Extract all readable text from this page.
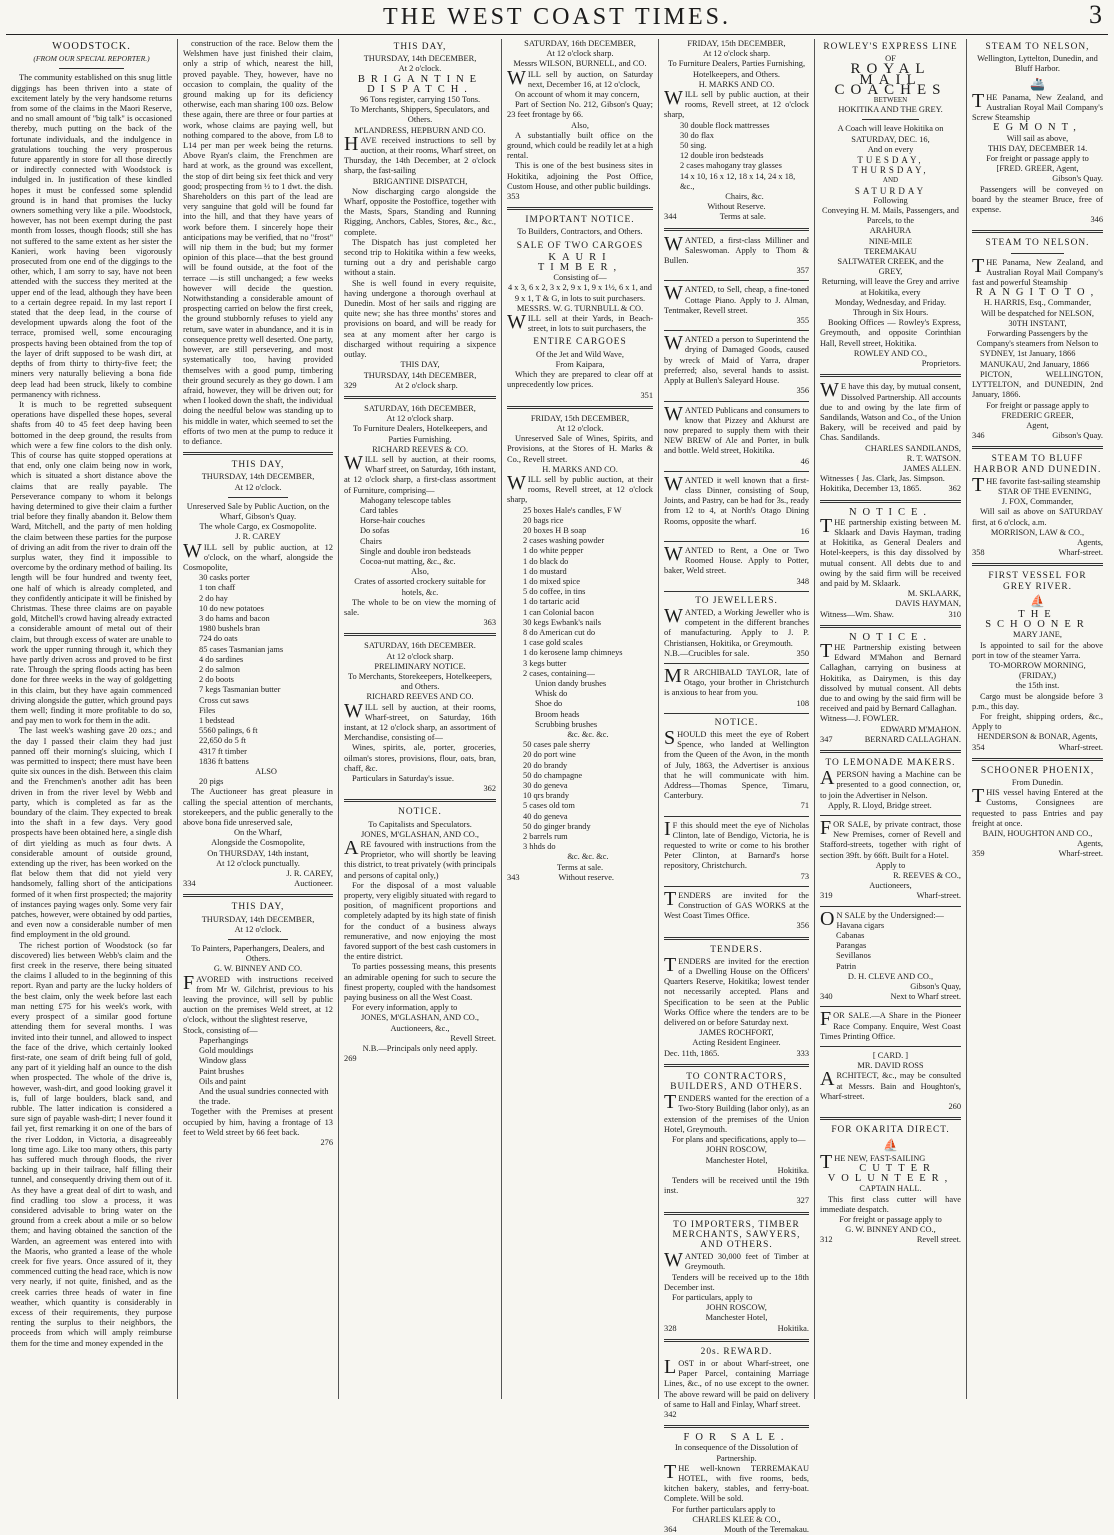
THE WEST COAST TIMES.	3
WOODSTOCK.
(FROM OUR SPECIAL REPORTER.)
The community established on this snug little diggings has been thriven into a state of excitement lately by the very handsome returns from some of the claims in the Maori Reserve, and no small amount of "big talk" is occasioned thereby, much putting on the back of the fortunate individuals, and the indulgence in gratulations touching the very prosperous future apparently in store for all those directly or indirectly connected with Woodstock is indulged in. In justification of these kindled hopes it must be confessed some splendid ground is in hand that promises the lucky owners something very like a pile. Woodstock, however, has not been exempt during the past month from losses, though floods; still she has not suffered to the same extent as her sister the Kanieri, work having been vigorously prosecuted from one end of the diggings to the other, which, I am sorry to say, have not been attended with the success they merited at the upper end of the lead, although they have been to a certain degree repaid. In my last report I stated that the deep lead, in the course of development upwards along the foot of the terrace, promised well, some encouraging prospects having been obtained from the top of the layer of drift supposed to be wash dirt, at depths of from thirty to thirty-five feet; the miners very naturally believing a bona fide deep lead had been struck, likely to combine permanency with richness.
It is much to be regretted subsequent operations have dispelled these hopes, several shafts from 40 to 45 feet deep having been bottomed in the deep ground, the results from which were a few fine colors to the dish only. This of course has quite stopped operations at that end, only one claim being now in work, which is situated a short distance above the claims that are really payable. The Perseverance company to whom it belongs having determined to give their claim a further trial before they finally abandon it. Below them Ward, Mitchell, and the party of men holding the claim between these parties for the purpose of driving an adit from the river to drain off the surplus water, they find it impossible to overcome by the ordinary method of bailing. Its length will be four hundred and twenty feet, one half of which is already completed, and they confidently anticipate it will be finished by Christmas. These three claims are on payable gold, Mitchell's crowd having already extracted a considerable amount of metal out of their claim, but through excess of water are unable to work the upper running through it, which they have partly driven across and proved to be first rate. Through the spring floods acting has been done for three weeks in the way of goldgetting in this claim, but they have again commenced driving alongside the gutter, which ground pays them well; finding it more profitable to do so, and pay men to work for them in the adit.
The last week's washing gave 20 ozs.; and the day I passed their claim they had just panned off their morning's sluicing, which I was permitted to inspect; there must have been quite six ounces in the dish. Between this claim and the Frenchmen's another adit has been driven in from the river level by Webb and party, which is completed as far as the boundary of the claim. They expected to break into the shaft in a few days. Very good prospects have been obtained here, a single dish of dirt yielding as much as four dwts. A considerable amount of outside ground, extending up the river, has been worked on the flat below them that did not yield very handsomely, falling short of the anticipations formed of it when first prospected; the majority of instances paying wages only. Some very fair patches, however, were obtained by odd parties, and even now a considerable number of men find employment in the old ground.
The richest portion of Woodstock (so far discovered) lies between Webb's claim and the first creek in the reserve, there being situated the claims I alluded to in the beginning of this report. Ryan and party are the lucky holders of the best claim, only the week before last each man netting £75 for his week's work, with every prospect of a similar good fortune attending them for several months. I was invited into their tunnel, and allowed to inspect the face of the drive, which certainly looked first-rate, one seam of drift being full of gold, any part of it yielding half an ounce to the dish when prospected. The whole of the drive is, however, wash-dirt, and good looking gravel it is, full of large boulders, black sand, and rubble. The latter indication is considered a sure sign of payable wash-dirt; I never found it fail yet, first remarking it on one of the bars of the river Loddon, in Victoria, a disagreeably long time ago. Like too many others, this party has suffered much through floods, the river backing up in their tailrace, half filling their tunnel, and consequently driving them out of it. As they have a great deal of dirt to wash, and find cradling too slow a process, it was considered advisable to bring water on the ground from a creek about a mile or so below them; and having obtained the sanction of the Warden, an agreement was entered into with the Maoris, who granted a lease of the whole creek for five years. Once assured of it, they commenced cutting the head race, which is now very nearly, if not quite, finished, and as the creek carries three heads of water in fine weather, which quantity is considerably in excess of their requirements, they purpose renting the surplus to their neighbors, the proceeds from which will amply reimburse them for the time and money expended in the
construction of the race. Below them the Welshmen have just finished their claim, only a strip of which, nearest the hill, proved payable. They, however, have no occasion to complain, the quality of the ground making up for its deficiency otherwise, each man sharing 100 ozs. Below these again, there are three or four parties at work, whose claims are paying well, but nothing compared to the above, from L8 to L14 per man per week being the returns. Above Ryan's claim, the Frenchmen are hard at work, as the ground was excellent, the stop of dirt being six feet thick and very good; prospecting from ½ to 1 dwt. the dish. Shareholders on this part of the lead are very sanguine that gold will be found far into the hill, and that they have years of work before them. I sincerely hope their anticipations may be verified, that no "frost" will nip them in the bud; but my former opinion of this place—that the best ground will be found outside, at the foot of the terrace —is still unchanged; a few weeks however will decide the question. Notwithstanding a considerable amount of prospecting carried on below the first creek, the ground stubbornly refuses to yield any return, save water in abundance, and it is in consequence pretty well deserted. One party, however, are still persevering, and most systematically too, having provided themselves with a good pump, timbering their ground securely as they go down. I am afraid, however, they will be driven out; for when I looked down the shaft, the individual doing the needful below was standing up to his middle in water, which seemed to set the efforts of two men at the pump to reduce it to defiance.
THIS DAY,
THURSDAY, 14th DECEMBER,
At 12 o'clock.
Unreserved Sale by Public Auction, on the Wharf, Gibson's Quay.
The whole Cargo, ex Cosmopolite.
J. R. CAREY
WILL sell by public auction, at 12 o'clock, on the wharf, alongside the Cosmopolite,
30 casks porter
1 ton chaff
2 do hay
10 do new potatoes
3 do hams and bacon
1980 bushels bran
724 do oats
85 cases Tasmanian jams
4 do sardines
2 do salmon
2 do boots
7 kegs Tasmanian butter
Cross cut saws
Files
1 bedstead
5560 palings, 6 ft
22,650 do 5 ft
4317 ft timber
1836 ft battens
ALSO
20 pigs
The Auctioneer has great pleasure in calling the special attention of merchants, storekeepers, and the public generally to the above bona fide unreserved sale,
On the Wharf,
Alongside the Cosmopolite,
On THURSDAY, 14th instant,
At 12 o'clock punctually.
J. R. CAREY,
334	Auctioneer.
THIS DAY,
THURSDAY, 14th DECEMBER,
At 12 o'clock.
To Painters, Paperhangers, Dealers, and Others.
G. W. BINNEY AND CO.
FAVORED with instructions received from Mr W. Gilchrist, previous to his leaving the province, will sell by public auction on the premises Weld street, at 12 o'clock, without the slightest reserve,
Stock, consisting of—
Paperhangings
Gold mouldings
Window glass
Paint brushes
Oils and paint
And the usual sundries connected with the trade.
Together with the Premises at present occupied by him, having a frontage of 13 feet to Weld street by 66 feet back.
276
THIS DAY,
THURSDAY, 14th DECEMBER,
At 2 o'clock.
BRIGANTINE DISPATCH.
96 Tons register, carrying 150 Tons.
To Merchants, Shippers, Speculators, and Others.
M'LANDRESS, HEPBURN AND CO.
HAVE received instructions to sell by auction, at their rooms, Wharf street, on Thursday, the 14th December, at 2 o'clock sharp, the fast-sailing
BRIGANTINE DISPATCH,
Now discharging cargo alongside the Wharf, opposite the Postoffice, together with the Masts, Spars, Standing and Running Rigging, Anchors, Cables, Stores, &c., &c., complete.
The Dispatch has just completed her second trip to Hokitika within a few weeks, turning out a dry and perishable cargo without a stain.
She is well found in every requisite, having undergone a thorough overhaul at Dunedin. Most of her sails and rigging are quite new; she has three months' stores and provisions on board, and will be ready for sea at any moment after her cargo is discharged without requiring a sixpence outlay.
THIS DAY,
THURSDAY, 14th DECEMBER,
329	At 2 o'clock sharp.
SATURDAY, 16th DECEMBER,
At 12 o'clock sharp.
To Furniture Dealers, Hotelkeepers, and Parties Furnishing.
RICHARD REEVES & CO.
WILL sell by auction, at their rooms, Wharf street, on Saturday, 16th instant, at 12 o'clock sharp, a first-class assortment of Furniture, comprising—
Mahogany telescope tables
Card tables
Horse-hair couches
Do sofas
Chairs
Single and double iron bedsteads
Cocoa-nut matting, &c., &c.
Also,
Crates of assorted crockery suitable for hotels, &c.
The whole to be on view the morning of sale.
363
SATURDAY, 16th DECEMBER.
At 12 o'clock sharp.
PRELIMINARY NOTICE.
To Merchants, Storekeepers, Hotelkeepers, and Others.
RICHARD REEVES AND CO.
WILL sell by auction, at their rooms, Wharf-street, on Saturday, 16th instant, at 12 o'clock sharp, an assortment of Merchandise, consisting of—
Wines, spirits, ale, porter, groceries, oilman's stores, provisions, flour, oats, bran, chaff, &c.
Particulars in Saturday's issue.
362
NOTICE.
To Capitalists and Speculators.
JONES, M'GLASHAN, AND CO.,
ARE favoured with instructions from the Proprietor, who will shortly be leaving this district, to treat privately (with principals and persons of capital only,)
For the disposal of a most valuable property, very eligibly situated with regard to position, of magnificent proportions and completely adapted by its high state of finish for the conduct of a business always remunerative, and now enjoying the most favored support of the best cash customers in the entire district.
To parties possessing means, this presents an admirable opening for such to secure the finest property, coupled with the handsomest paying business on all the West Coast.
For every information, apply to
JONES, M'GLASHAN, AND CO.,
Auctioneers, &c.,
Revell Street.
N.B.—Principals only need apply.
269
SATURDAY, 16th DECEMBER,
At 12 o'clock sharp.
Messrs WILSON, BURNELL, and CO.
WILL sell by auction, on Saturday next, December 16, at 12 o'clock,
On account of whom it may concern,
Part of Section No. 212, Gibson's Quay; 23 feet frontage by 66.
Also,
A substantially built office on the ground, which could be readily let at a high rental.
This is one of the best business sites in Hokitika, adjoining the Post Office, Custom House, and other public buildings.
353
IMPORTANT NOTICE.
To Builders, Contractors, and Others.
SALE OF TWO CARGOES
KAURI TIMBER,
Consisting of—
4 x 3, 6 x 2, 3 x 2, 9 x 1, 9 x 1½, 6 x 1, and 9 x 1, T & G, in lots to suit purchasers.
MESSRS. W. G. TURNBULL & CO.
WILL sell at their Yards, in Beach-street, in lots to suit purchasers, the
ENTIRE CARGOES
Of the Jet and Wild Wave,
From Kaipara,
Which they are prepared to clear off at unprecedently low prices.
351
FRIDAY, 15th DECEMBER,
At 12 o'clock.
Unreserved Sale of Wines, Spirits, and Provisions, at the Stores of H. Marks & Co., Revell street.
H. MARKS AND CO.
WILL sell by public auction, at their rooms, Revell street, at 12 o'clock sharp,
25 boxes Hale's candles, F W
20 bags rice
20 boxes H B soap
2 cases washing powder
1 do white pepper
1 do black do
1 do mustard
1 do mixed spice
5 do coffee, in tins
1 do tartaric acid
1 can Colonial bacon
30 kegs Ewbank's nails
8 do American cut do
1 case gold scales
1 do kerosene lamp chimneys
3 kegs butter
2 cases, containing—
Union dandy brushes
Whisk do
Shoe do
Broom heads
Scrubbing brushes
&c. &c. &c.
50 cases pale sherry
20 do port wine
20 do brandy
50 do champagne
30 do geneva
10 qrs brandy
5 cases old tom
40 do geneva
50 do ginger brandy
2 barrels rum
3 hhds do
&c. &c. &c.
Terms at sale.
343	Without reserve.
FRIDAY, 15th DECEMBER,
At 12 o'clock sharp.
To Furniture Dealers, Parties Furnishing, Hotelkeepers, and Others.
H. MARKS AND CO.
WILL sell by public auction, at their rooms, Revell street, at 12 o'clock sharp,
30 double flock mattresses
30 do flax
50 sing.
12 double iron bedsteads
2 cases mahogany tray glasses
14 x 10, 16 x 12, 18 x 14, 24 x 18, &c.,
Chairs, &c.
Without Reserve.
344	Terms at sale.
WANTED, a first-class Milliner and Saleswoman. Apply to Thom & Bullen.
357
WANTED, to Sell, cheap, a fine-toned Cottage Piano. Apply to J. Alman, Tentmaker, Revell street.
355
WANTED a person to Superintend the drying of Damaged Goods, caused by wreck of Maid of Yarra, draper preferred; also, several hands to assist. Apply at Bullen's Saleyard House.
356
WANTED Publicans and consumers to know that Pizzey and Akhurst are now prepared to supply them with their NEW BREW of Ale and Porter, in bulk and bottle. Weld street, Hokitika.
46
WANTED it well known that a first-class Dinner, consisting of Soup, Joints, and Pastry, can be had for 3s., ready from 12 to 4, at North's Otago Dining Rooms, opposite the wharf.
16
WANTED to Rent, a One or Two Roomed House. Apply to Potter, baker, Weld street.
348
TO JEWELLERS.
WANTED, a Working Jeweller who is competent in the different branches of manufacturing. Apply to J. P. Christiansen, Hokitika, or Greymouth.
N.B.—Crucibles for sale.	350
MR ARCHIBALD TAYLOR, late of Otago, your brother in Christchurch is anxious to hear from you.
108
NOTICE.
SHOULD this meet the eye of Robert Spence, who landed at Wellington from the Queen of the Avon, in the month of July, 1863, the Advertiser is anxious that he will communicate with him. Address—Thomas Spence, Timaru, Canterbury.
71
IF this should meet the eye of Nicholas Clinton, late of Bendigo, Victoria, he is requested to write or come to his brother Peter Clinton, at Barnard's horse repository, Christchurch.
73
TENDERS are invited for the Construction of GAS WORKS at the West Coast Times Office.
356
TENDERS.
TENDERS are invited for the erection of a Dwelling House on the Officers' Quarters Reserve, Hokitika; lowest tender not necessarily accepted. Plans and Specification to be seen at the Public Works Office where the tenders are to be delivered on or before Saturday next.
JAMES ROCHFORT,
Acting Resident Engineer.
Dec. 11th, 1865.	333
TO CONTRACTORS, BUILDERS, AND OTHERS.
TENDERS wanted for the erection of a Two-Story Building (labor only), as an extension of the premises of the Union Hotel, Greymouth.
For plans and specifications, apply to—
JOHN ROSCOW,
Manchester Hotel,
Hokitika.
Tenders will be received until the 19th inst.
327
TO IMPORTERS, TIMBER MERCHANTS, SAWYERS, AND OTHERS.
WANTED 30,000 feet of Timber at Greymouth.
Tenders will be received up to the 18th December inst.
For particulars, apply to
JOHN ROSCOW,
Manchester Hotel,
328	Hokitika.
20s. REWARD.
LOST in or about Wharf-street, one Paper Parcel, containing Marriage Lines, &c., of no use except to the owner. The above reward will be paid on delivery of same to Hall and Finlay, Wharf street.
342
FOR SALE.
In consequence of the Dissolution of Partnership.
THE well-known TERREMAKAU HOTEL, with five rooms, beds, kitchen bakery, stables, and ferry-boat. Complete. Will be sold.
For further particulars apply to
CHARLES KLEE & CO.,
364	Mouth of the Teremakau.
ROWLEY'S EXPRESS LINE
OF
ROYAL MAIL COACHES
BETWEEN
HOKITIKA AND THE GREY.
A Coach will leave Hokitika on
SATURDAY, DEC. 16,
And on every
TUESDAY, THURSDAY,
AND
SATURDAY
Following
Conveying H. M. Mails, Passengers, and Parcels, to the
ARAHURA
NINE-MILE
TEREMAKAU
SALTWATER CREEK, and the
GREY,
Returning, will leave the Grey and arrive at Hokitika, every
Monday, Wednesday, and Friday.
Through in Six Hours.
Booking Offices — Rowley's Express, Greymouth, and opposite Corinthian Hall, Revell street, Hokitika.
ROWLEY AND CO.,
Proprietors.
WE have this day, by mutual consent, Dissolved Partnership. All accounts due to and owing by the late firm of Sandilands, Watson and Co., of the Union Bakery, will be received and paid by Chas. Sandilands.
CHARLES SANDILANDS,
R. T. WATSON.
JAMES ALLEN.
Witnesses { Jas. Clark, Jas. Simpson.
Hokitika, December 13, 1865.	362
NOTICE.
THE partnership existing between M. Sklaark and Davis Hayman, trading at Hokitika, as General Dealers and Hotel-keepers, is this day dissolved by mutual consent. All debts due to and owing by the said firm will be received and paid by M. Sklaark.
M. SKLAARK,
DAVIS HAYMAN,
Witness—Wm. Shaw.	310
NOTICE.
THE Partnership existing between Edward M'Mahon and Bernard Callaghan, carrying on business at Hokitika, as Dairymen, is this day dissolved by mutual consent. All debts due to and owing by the said firm will be received and paid by Bernard Callaghan.
Witness—J. FOWLER.
EDWARD M'MAHON.
347	BERNARD CALLAGHAN.
TO LEMONADE MAKERS.
APERSON having a Machine can be presented to a good connection, or, to join the Advertiser in Nelson.
Apply, R. Lloyd, Bridge street.
FOR SALE, by private contract, those New Premises, corner of Revell and Stafford-streets, together with right of section 39ft. by 66ft. Built for a Hotel.
Apply to
R. REEVES & CO.,
Auctioneers,
319	Wharf-street.
ON SALE by the Undersigned:—
Havana cigars
Cabanas
Parangas
Sevillanos
Patrin
D. H. CLEVE AND CO.,
Gibson's Quay,
340	Next to Wharf street.
FOR SALE.—A Share in the Pioneer Race Company. Enquire, West Coast Times Printing Office.
[ CARD. ]
MR. DAVID ROSS
ARCHITECT, &c., may be consulted at Messrs. Bain and Houghton's, Wharf-street.
260
FOR OKARITA DIRECT.
⛵
THE NEW, FAST-SAILING
CUTTER
VOLUNTEER,
CAPTAIN HALL.
This first class cutter will have immediate despatch.
For freight or passage apply to
G. W. BINNEY AND CO.,
312	Revell street.
STEAM TO NELSON,
Wellington, Lyttelton, Dunedin, and Bluff Harbor.
🚢
THE Panama, New Zealand, and Australian Royal Mail Company's Screw Steamship
EGMONT,
Will sail as above,
THIS DAY, DECEMBER 14.
For freight or passage apply to
[FRED. GREER, Agent,
Gibson's Quay.
Passengers will be conveyed on board by the steamer Bruce, free of expense.
346
STEAM TO NELSON.
THE Panama, New Zealand, and Australian Royal Mail Company's fast and powerful Steamship
RANGITOTO,
H. HARRIS, Esq., Commander,
Will be despatched for NELSON,
30TH INSTANT,
Forwarding Passengers by the Company's steamers from Nelson to
SYDNEY, 1st January, 1866
MANUKAU, 2nd January, 1866
PICTON, WELLINGTON, LYTTELTON, and DUNEDIN, 2nd January, 1866.
For freight or passage apply to
FREDERIC GREER,
Agent,
346	Gibson's Quay.
STEAM TO BLUFF HARBOR AND DUNEDIN.
THE favorite fast-sailing steamship
STAR OF THE EVENING,
J. FOX, Commander,
Will sail as above on SATURDAY first, at 6 o'clock, a.m.
MORRISON, LAW & CO.,
Agents,
358	Wharf-street.
FIRST VESSEL FOR GREY RIVER.
⛵
THE SCHOONER
MARY JANE,
Is appointed to sail for the above port in tow of the steamer Yarra.
TO-MORROW MORNING, (FRIDAY,)
the 15th inst.
Cargo must be alongside before 3 p.m., this day.
For freight, shipping orders, &c., Apply to
HENDERSON & BONAR, Agents,
354	Wharf-street.
SCHOONER PHOENIX,
From Dunedin.
THIS vessel having Entered at the Customs, Consignees are requested to pass Entries and pay freight at once.
BAIN, HOUGHTON AND CO.,
Agents,
359	Wharf-street.
